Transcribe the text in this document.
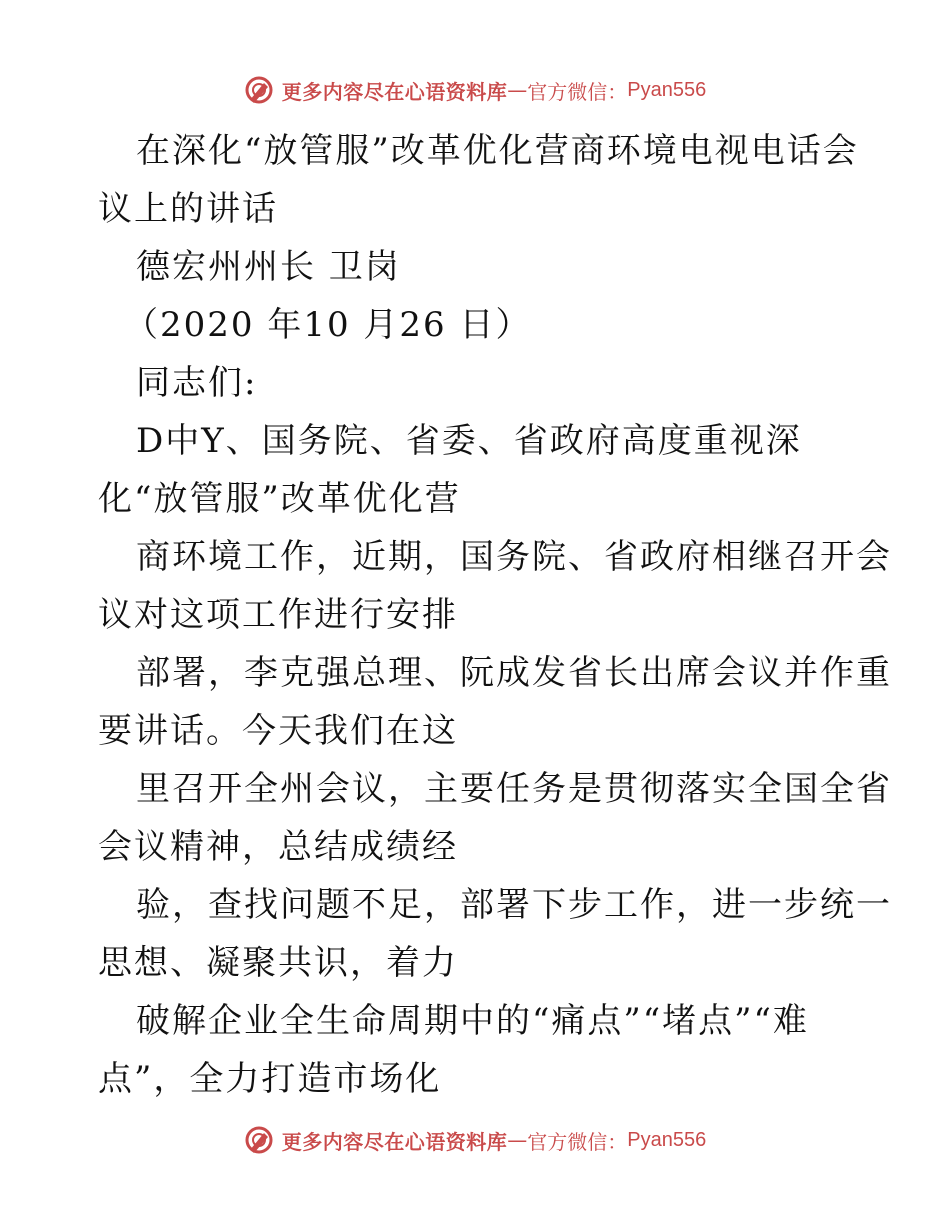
更多内容尽在心语资料库 — 官方微信： Pyan556
在深化“放管服”改革优化营商环境电视电话会
议上的讲话
德宏州州长 卫岗
（2020 年10 月26 日）
同志们:
D中Y、国务院、省委、省政府高度重视深
化“放管服”改革优化营
商环境工作，近期，国务院、省政府相继召开会
议对这项工作进行安排
部署，李克强总理、阮成发省长出席会议并作重
要讲话。今天我们在这
里召开全州会议，主要任务是贯彻落实全国全省
会议精神，总结成绩经
验，查找问题不足，部署下步工作，进一步统一
思想、凝聚共识，着力
破解企业全生命周期中的“痛点”“堵点”“难
点”，全力打造市场化
更多内容尽在心语资料库 — 官方微信： Pyan556
